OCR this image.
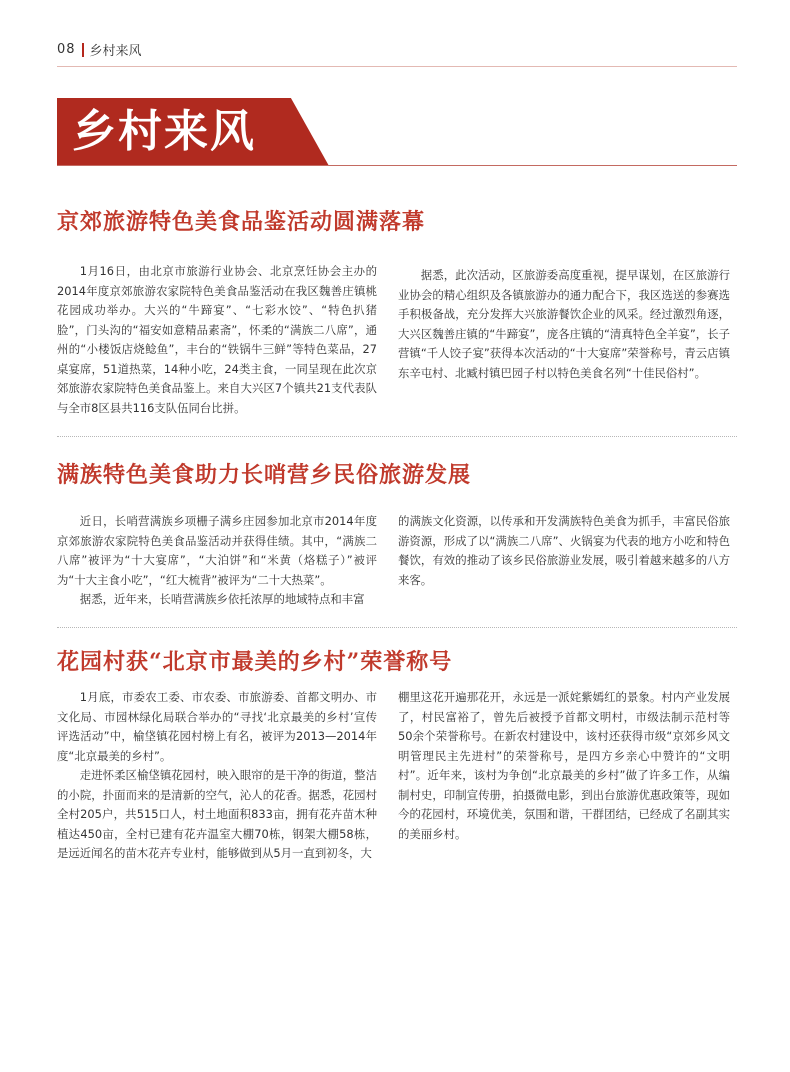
08 乡村来风
乡村来风
京郊旅游特色美食品鉴活动圆满落幕

1月16日，由北京市旅游行业协会、北京烹饪协会主办的2014年度京郊旅游农家院特色美食品鉴活动在我区魏善庄镇桃花园成功举办。大兴的“牛蹄宴”、“七彩水饺”、“特色扒猪脸”，门头沟的“福安如意精品素斋”，怀柔的“满族二八席”，通州的“小楼饭店烧鲶鱼”，丰台的“铁锅牛三鲜”等特色菜品，27桌宴席，51道热菜，14种小吃，24类主食，一同呈现在此次京郊旅游农家院特色美食品鉴上。来自大兴区7个镇共21支代表队与全市8区县共116支队伍同台比拼。

据悉，此次活动，区旅游委高度重视，提早谋划，在区旅游行业协会的精心组织及各镇旅游办的通力配合下，我区选送的参赛选手积极备战，充分发挥大兴旅游餐饮企业的风采。经过激烈角逐，大兴区魏善庄镇的“牛蹄宴”，庞各庄镇的“清真特色全羊宴”，长子营镇“千人饺子宴”获得本次活动的“十大宴席”荣誉称号，青云店镇东辛屯村、北臧村镇巴园子村以特色美食名列“十佳民俗村”。

满族特色美食助力长哨营乡民俗旅游发展

近日，长哨营满族乡项栅子满乡庄园参加北京市2014年度京郊旅游农家院特色美食品鉴活动并获得佳绩。其中，“满族二八席”被评为“十大宴席”，“大泊饼”和“米黄（烙糕子）”被评为“十大主食小吃”，“红大梳背”被评为“二十大热菜”。

据悉，近年来，长哨营满族乡依托浓厚的地域特点和丰富

的满族文化资源，以传承和开发满族特色美食为抓手，丰富民俗旅游资源，形成了以“满族二八席”、火锅宴为代表的地方小吃和特色餐饮，有效的推动了该乡民俗旅游业发展，吸引着越来越多的八方来客。

花园村获“北京市最美的乡村”荣誉称号

1月底，市委农工委、市农委、市旅游委、首都文明办、市文化局、市园林绿化局联合举办的“寻找‘北京最美的乡村’宣传评选活动”中，榆垡镇花园村榜上有名，被评为2013—2014年度“北京最美的乡村”。

走进怀柔区榆垡镇花园村，映入眼帘的是干净的街道，整洁的小院，扑面而来的是清新的空气，沁人的花香。据悉，花园村全村205户，共515口人，村土地面积833亩，拥有花卉苗木种植达450亩，全村已建有花卉温室大棚70栋，钢架大棚58栋，是远近闻名的苗木花卉专业村，能够做到从5月一直到初冬，大

棚里这花开遍那花开，永远是一派姹紫嫣红的景象。村内产业发展了，村民富裕了，曾先后被授予首都文明村，市级法制示范村等50余个荣誉称号。在新农村建设中，该村还获得市级“京郊乡风文明管理民主先进村”的荣誉称号，是四方乡亲心中赞许的“文明村”。近年来，该村为争创“北京最美的乡村”做了许多工作，从编制村史，印制宣传册，拍摄微电影，到出台旅游优惠政策等，现如今的花园村，环境优美，氛围和谐，干群团结，已经成了名副其实的美丽乡村。
